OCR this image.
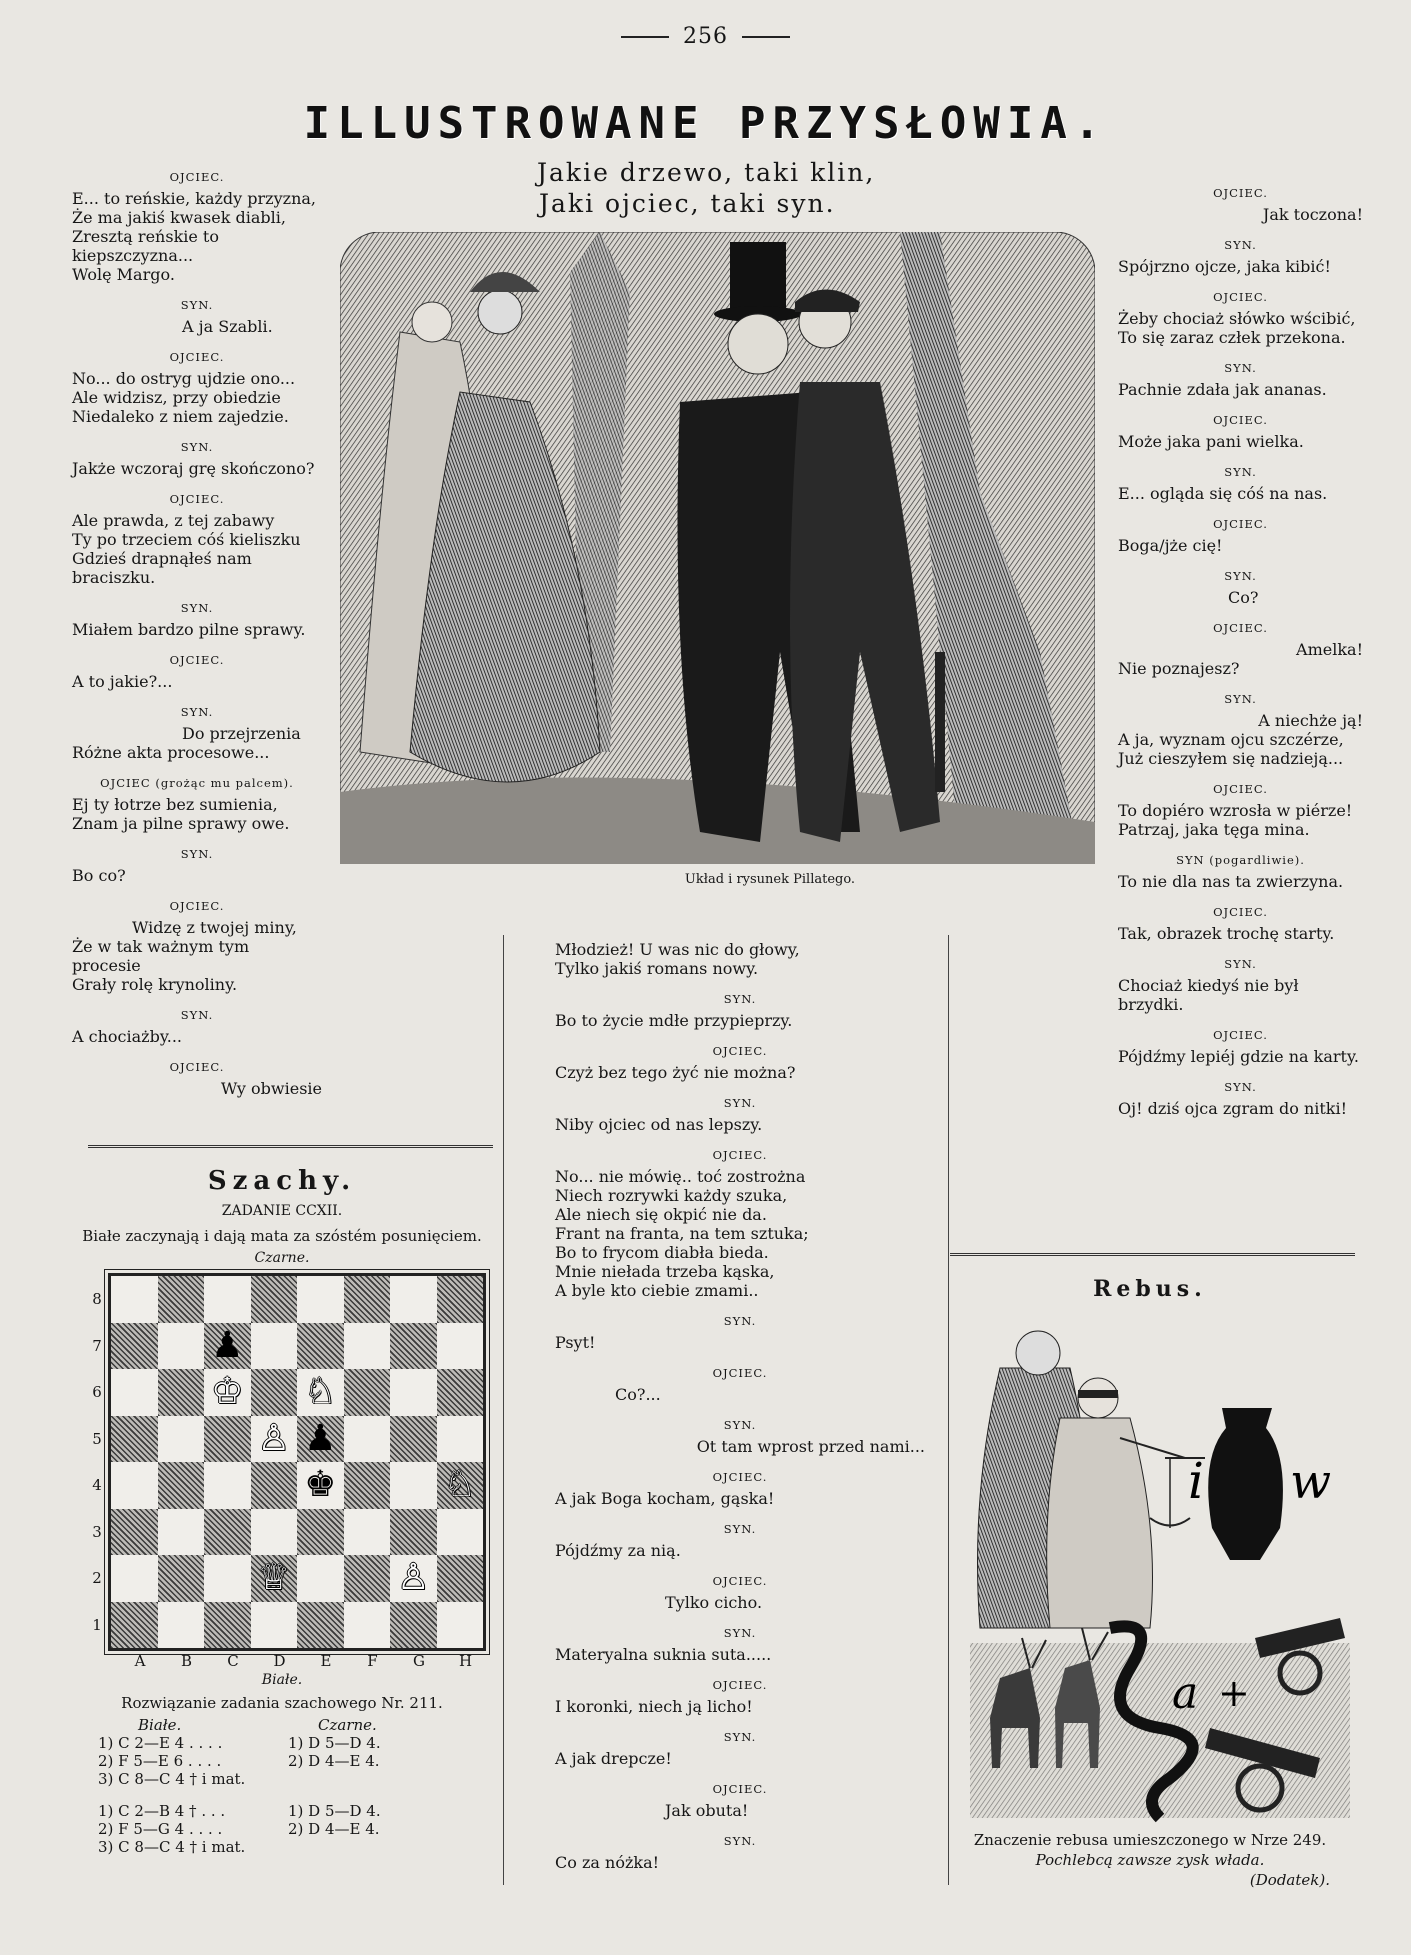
256
ILLUSTROWANE PRZYSŁOWIA.
Jakie drzewo, taki klin,
Jaki ojciec, taki syn.

OJCIEC.

E... to reńskie, każdy przyzna,

Że ma jakiś kwasek diabli,

Zresztą reńskie to kiepszczyzna...

Wolę Margo.

SYN.

A ja Szabli.

OJCIEC.

No... do ostryg ujdzie ono...

Ale widzisz, przy obiedzie

Niedaleko z niem zajedzie.

SYN.

Jakże wczoraj grę skończono?

OJCIEC.

Ale prawda, z tej zabawy

Ty po trzeciem cóś kieliszku

Gdzieś drapnąłeś nam braciszku.

SYN.

Miałem bardzo pilne sprawy.

OJCIEC.

A to jakie?...

SYN.

Do przejrzenia

Różne akta procesowe...

OJCIEC (grożąc mu palcem).

Ej ty łotrze bez sumienia,

Znam ja pilne sprawy owe.

SYN.

Bo co?

OJCIEC.

Widzę z twojej miny,

Że w tak ważnym tym procesie

Grały rolę krynoliny.

SYN.

A chociażby...

OJCIEC.

Wy obwiesie

Układ i rysunek Pillatego.

OJCIEC.

Jak toczona!

SYN.

Spójrzno ojcze, jaka kibić!

OJCIEC.

Żeby chociaż słówko wścibić,

To się zaraz człek przekona.

SYN.

Pachnie zdała jak ananas.

OJCIEC.

Może jaka pani wielka.

SYN.

E... ogląda się cóś na nas.

OJCIEC.

Boga/jże cię!

SYN.

Co?

OJCIEC.

Amelka!

Nie poznajesz?

SYN.

A niechże ją!

A ja, wyznam ojcu szczérze,

Już cieszyłem się nadzieją...

OJCIEC.

To dopiéro wzrosła w piérze!

Patrzaj, jaka tęga mina.

SYN (pogardliwie).

To nie dla nas ta zwierzyna.

OJCIEC.

Tak, obrazek trochę starty.

SYN.

Chociaż kiedyś nie był brzydki.

OJCIEC.

Pójdźmy lepiéj gdzie na karty.

SYN.

Oj! dziś ojca zgram do nitki!

Młodzież! U was nic do głowy,

Tylko jakiś romans nowy.

SYN.

Bo to życie mdłe przypieprzy.

OJCIEC.

Czyż bez tego żyć nie można?

SYN.

Niby ojciec od nas lepszy.

OJCIEC.

No... nie mówię.. toć zostrożna

Niech rozrywki każdy szuka,

Ale niech się okpić nie da.

Frant na franta, na tem sztuka;

Bo to frycom diabła bieda.

Mnie niełada trzeba kąska,

A byle kto ciebie zmami..

SYN.

Psyt!

OJCIEC.

Co?...

SYN.

Ot tam wprost przed nami...

OJCIEC.

A jak Boga kocham, gąska!

SYN.

Pójdźmy za nią.

OJCIEC.

Tylko cicho.

SYN.

Materyalna suknia suta.....

OJCIEC.

I koronki, niech ją licho!

SYN.

A jak drepcze!

OJCIEC.

Jak obuta!

SYN.

Co za nóżka!

Szachy.
ZADANIE CCXII.
Białe zaczynają i dają mata za szóstém posunięciem.
Czarne.
♟
♔ ♘
♙ ♟
♚	♘
♕	♙
8
7
6
5
4
3
2
1
A	B	C	D	E	F	G	H
Białe.
Rozwiązanie zadania szachowego Nr. 211.
Białe.	Czarne.
1) C 2—E 4 . . . .	1) D 5—D 4.
2) F 5—E 6 . . . .	2) D 4—E 4.
3) C 8—C 4 † i mat.
1) C 2—B 4 † . . .	1) D 5—D 4.
2) F 5—G 4 . . . .	2) D 4—E 4.
3) C 8—C 4 † i mat.
Rebus.
i w
a +
Znaczenie rebusa umieszczonego w Nrze 249.
Pochlebcą zawsze zysk włada.
(Dodatek).
